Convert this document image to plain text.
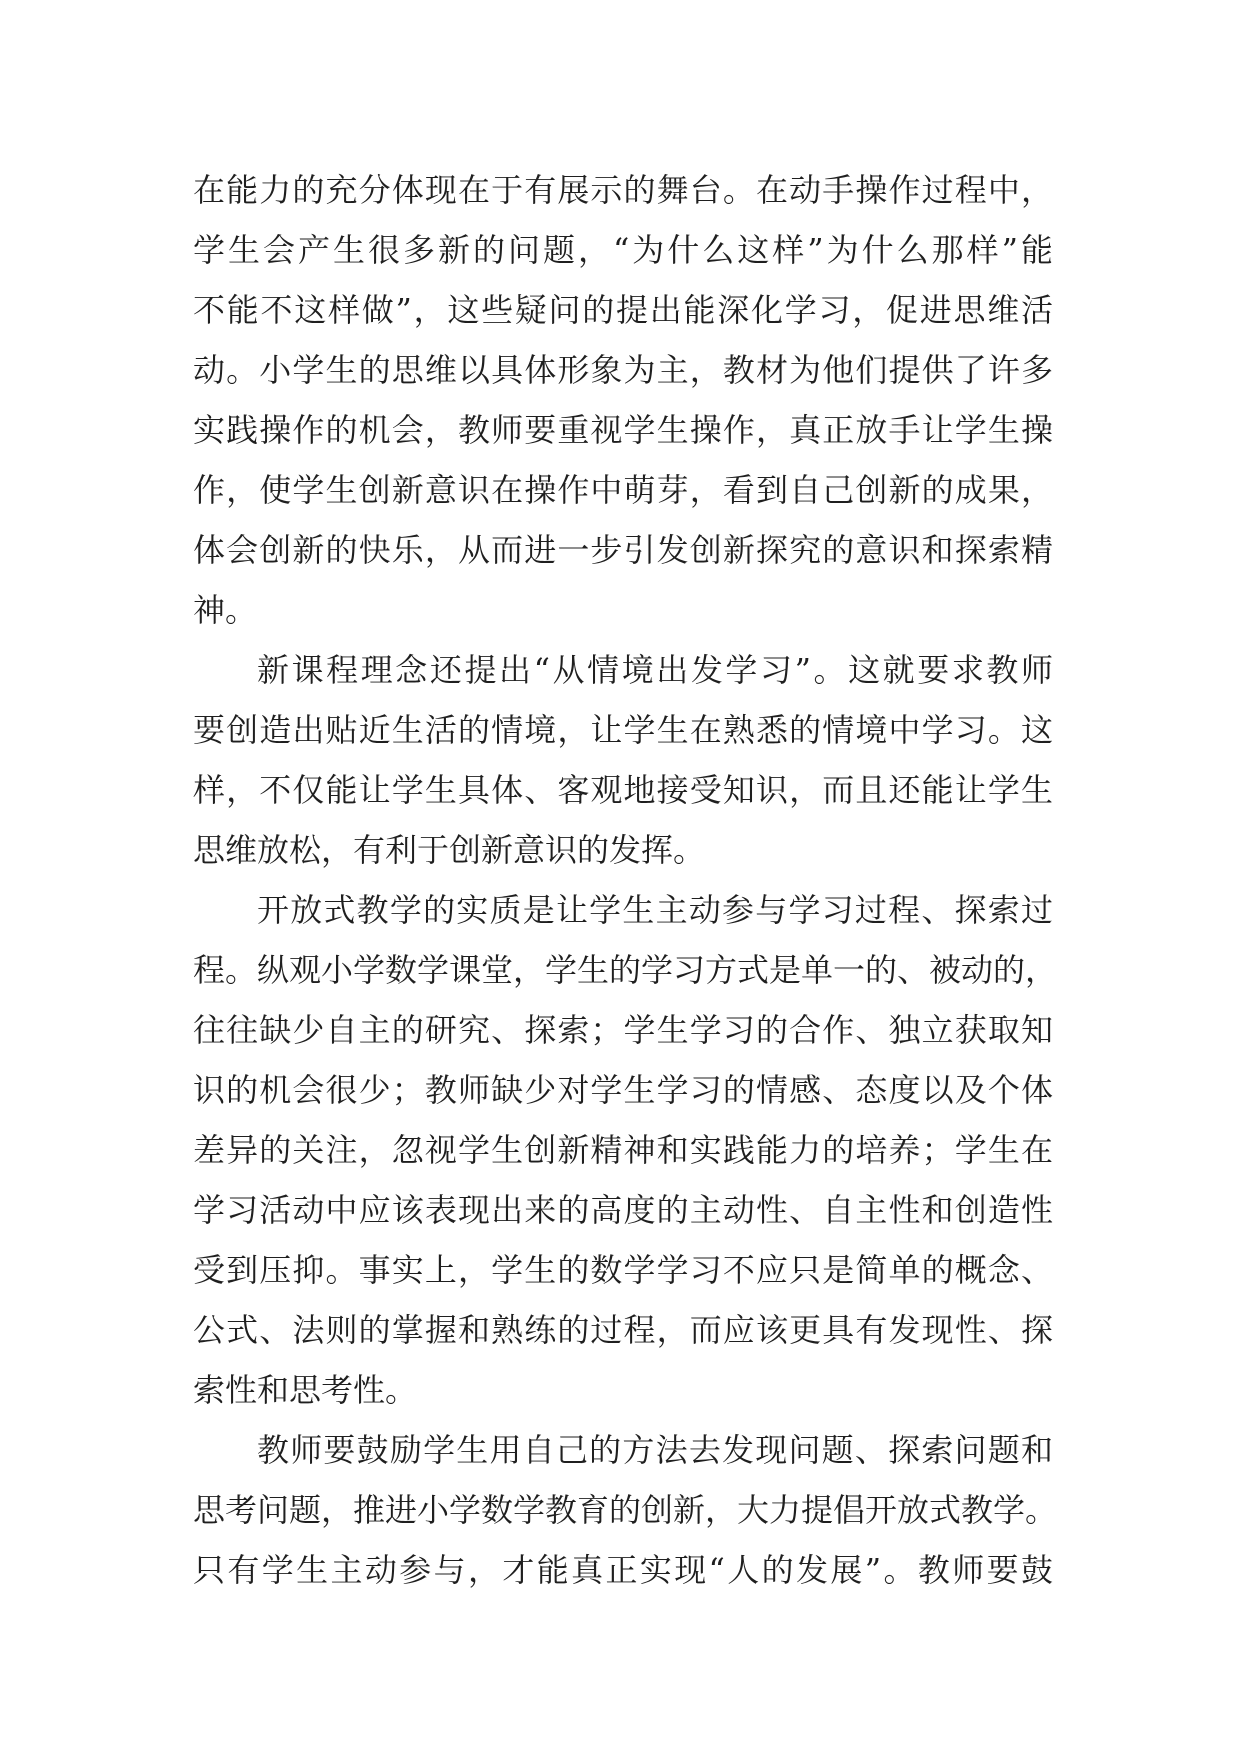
在能力的充分体现在于有展示的舞台。在动手操作过程中，
学生会产生很多新的问题，“为什么这样”为什么那样”能
不能不这样做”，这些疑问的提出能深化学习，促进思维活
动。小学生的思维以具体形象为主，教材为他们提供了许多
实践操作的机会，教师要重视学生操作，真正放手让学生操
作，使学生创新意识在操作中萌芽，看到自己创新的成果，
体会创新的快乐，从而进一步引发创新探究的意识和探索精
神。
新课程理念还提出“从情境出发学习”。这就要求教师
要创造出贴近生活的情境，让学生在熟悉的情境中学习。这
样，不仅能让学生具体、客观地接受知识，而且还能让学生
思维放松，有利于创新意识的发挥。
开放式教学的实质是让学生主动参与学习过程、探索过
程。纵观小学数学课堂，学生的学习方式是单一的、被动的，
往往缺少自主的研究、探索；学生学习的合作、独立获取知
识的机会很少；教师缺少对学生学习的情感、态度以及个体
差异的关注，忽视学生创新精神和实践能力的培养；学生在
学习活动中应该表现出来的高度的主动性、自主性和创造性
受到压抑。事实上，学生的数学学习不应只是简单的概念、
公式、法则的掌握和熟练的过程，而应该更具有发现性、探
索性和思考性。
教师要鼓励学生用自己的方法去发现问题、探索问题和
思考问题，推进小学数学教育的创新，大力提倡开放式教学。
只有学生主动参与，才能真正实现“人的发展”。教师要鼓
